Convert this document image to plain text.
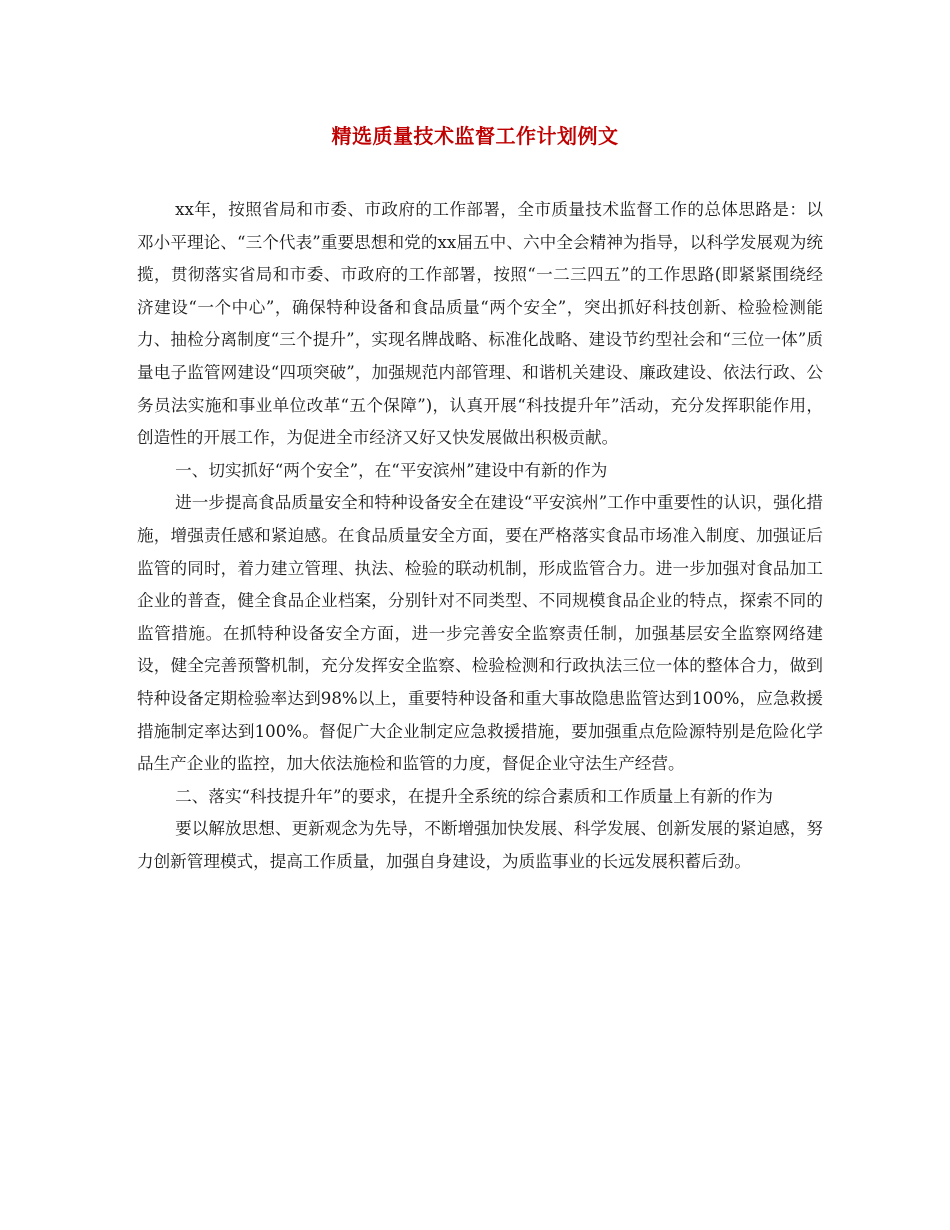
精选质量技术监督工作计划例文

xx年，按照省局和市委、市政府的工作部署，全市质量技术监督工作的总体思路是：以邓小平理论、“三个代表”重要思想和党的xx届五中、六中全会精神为指导，以科学发展观为统揽，贯彻落实省局和市委、市政府的工作部署，按照“一二三四五”的工作思路(即紧紧围绕经济建设“一个中心”，确保特种设备和食品质量“两个安全”，突出抓好科技创新、检验检测能力、抽检分离制度“三个提升”，实现名牌战略、标准化战略、建设节约型社会和“三位一体”质量电子监管网建设“四项突破”，加强规范内部管理、和谐机关建设、廉政建设、依法行政、公务员法实施和事业单位改革“五个保障”)，认真开展“科技提升年”活动，充分发挥职能作用，创造性的开展工作，为促进全市经济又好又快发展做出积极贡献。

一、切实抓好“两个安全”，在“平安滨州”建设中有新的作为

进一步提高食品质量安全和特种设备安全在建设“平安滨州”工作中重要性的认识，强化措施，增强责任感和紧迫感。在食品质量安全方面，要在严格落实食品市场准入制度、加强证后监管的同时，着力建立管理、执法、检验的联动机制，形成监管合力。进一步加强对食品加工企业的普查，健全食品企业档案，分别针对不同类型、不同规模食品企业的特点，探索不同的监管措施。在抓特种设备安全方面，进一步完善安全监察责任制，加强基层安全监察网络建设，健全完善预警机制，充分发挥安全监察、检验检测和行政执法三位一体的整体合力，做到特种设备定期检验率达到98%以上，重要特种设备和重大事故隐患监管达到100%，应急救援措施制定率达到100%。督促广大企业制定应急救援措施，要加强重点危险源特别是危险化学品生产企业的监控，加大依法施检和监管的力度，督促企业守法生产经营。

二、落实“科技提升年”的要求，在提升全系统的综合素质和工作质量上有新的作为

要以解放思想、更新观念为先导，不断增强加快发展、科学发展、创新发展的紧迫感，努力创新管理模式，提高工作质量，加强自身建设，为质监事业的长远发展积蓄后劲。
